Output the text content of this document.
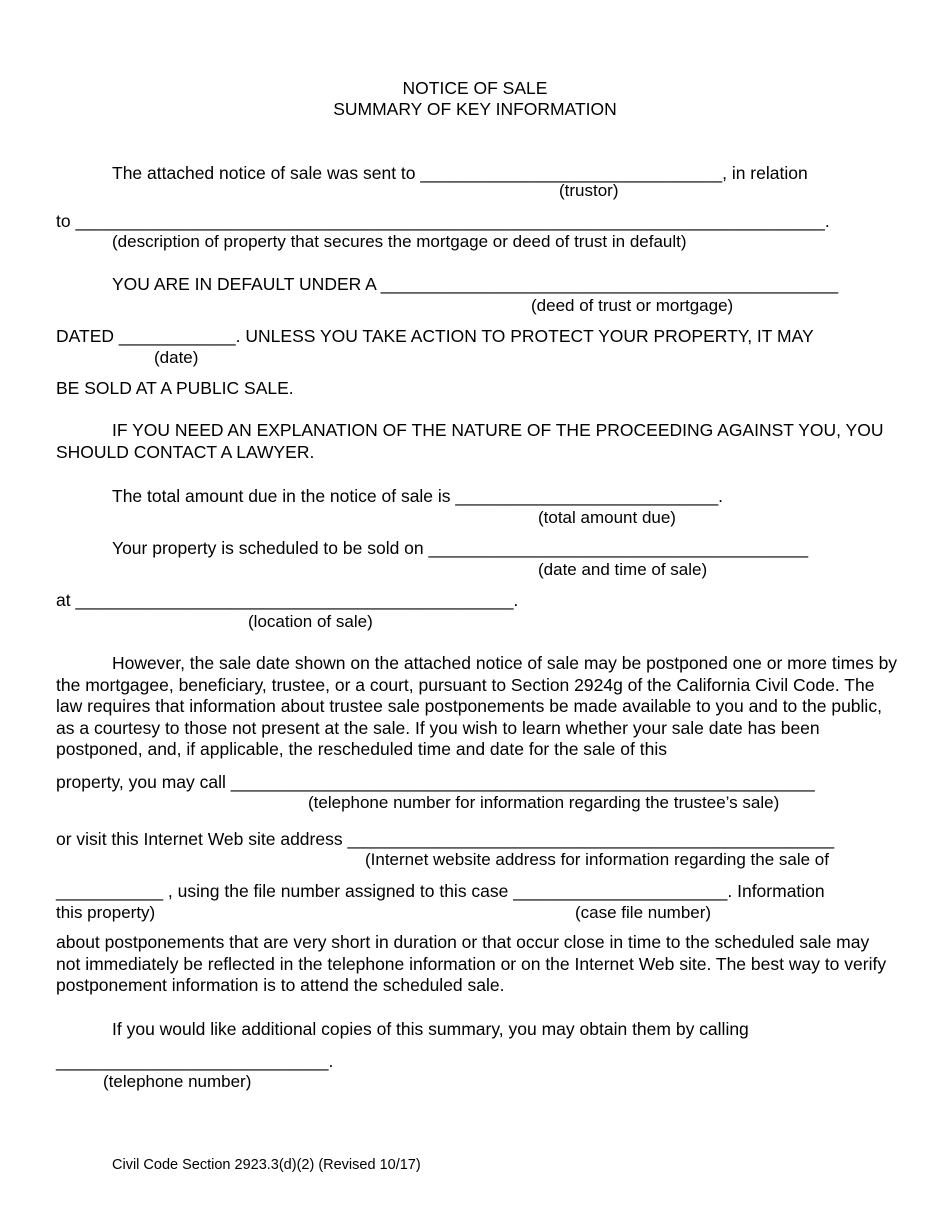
NOTICE OF SALE
SUMMARY OF KEY INFORMATION
The attached notice of sale was sent to _______________________________, in relation
(trustor)
to _____________________________________________________________________________.
(description of property that secures the mortgage or deed of trust in default)
YOU ARE IN DEFAULT UNDER A _______________________________________________
(deed of trust or mortgage)
DATED ____________. UNLESS YOU TAKE ACTION TO PROTECT YOUR PROPERTY, IT MAY
(date)
BE SOLD AT A PUBLIC SALE.
IF YOU NEED AN EXPLANATION OF THE NATURE OF THE PROCEEDING AGAINST YOU, YOU SHOULD CONTACT A LAWYER.
The total amount due in the notice of sale is ___________________________.
(total amount due)
Your property is scheduled to be sold on _______________________________________
(date and time of sale)
at _____________________________________________.
(location of sale)
However, the sale date shown on the attached notice of sale may be postponed one or more times by the mortgagee, beneficiary, trustee, or a court, pursuant to Section 2924g of the California Civil Code. The law requires that information about trustee sale postponements be made available to you and to the public, as a courtesy to those not present at the sale. If you wish to learn whether your sale date has been postponed, and, if applicable, the rescheduled time and date for the sale of this
property, you may call ____________________________________________________________
(telephone number for information regarding the trustee’s sale)
or visit this Internet Web site address __________________________________________________
(Internet website address for information regarding the sale of
___________ , using the file number assigned to this case ______________________. Information
this property)	(case file number)
about postponements that are very short in duration or that occur close in time to the scheduled sale may not immediately be reflected in the telephone information or on the Internet Web site. The best way to verify postponement information is to attend the scheduled sale.
If you would like additional copies of this summary, you may obtain them by calling
____________________________.
(telephone number)
Civil Code Section 2923.3(d)(2) (Revised 10/17)
